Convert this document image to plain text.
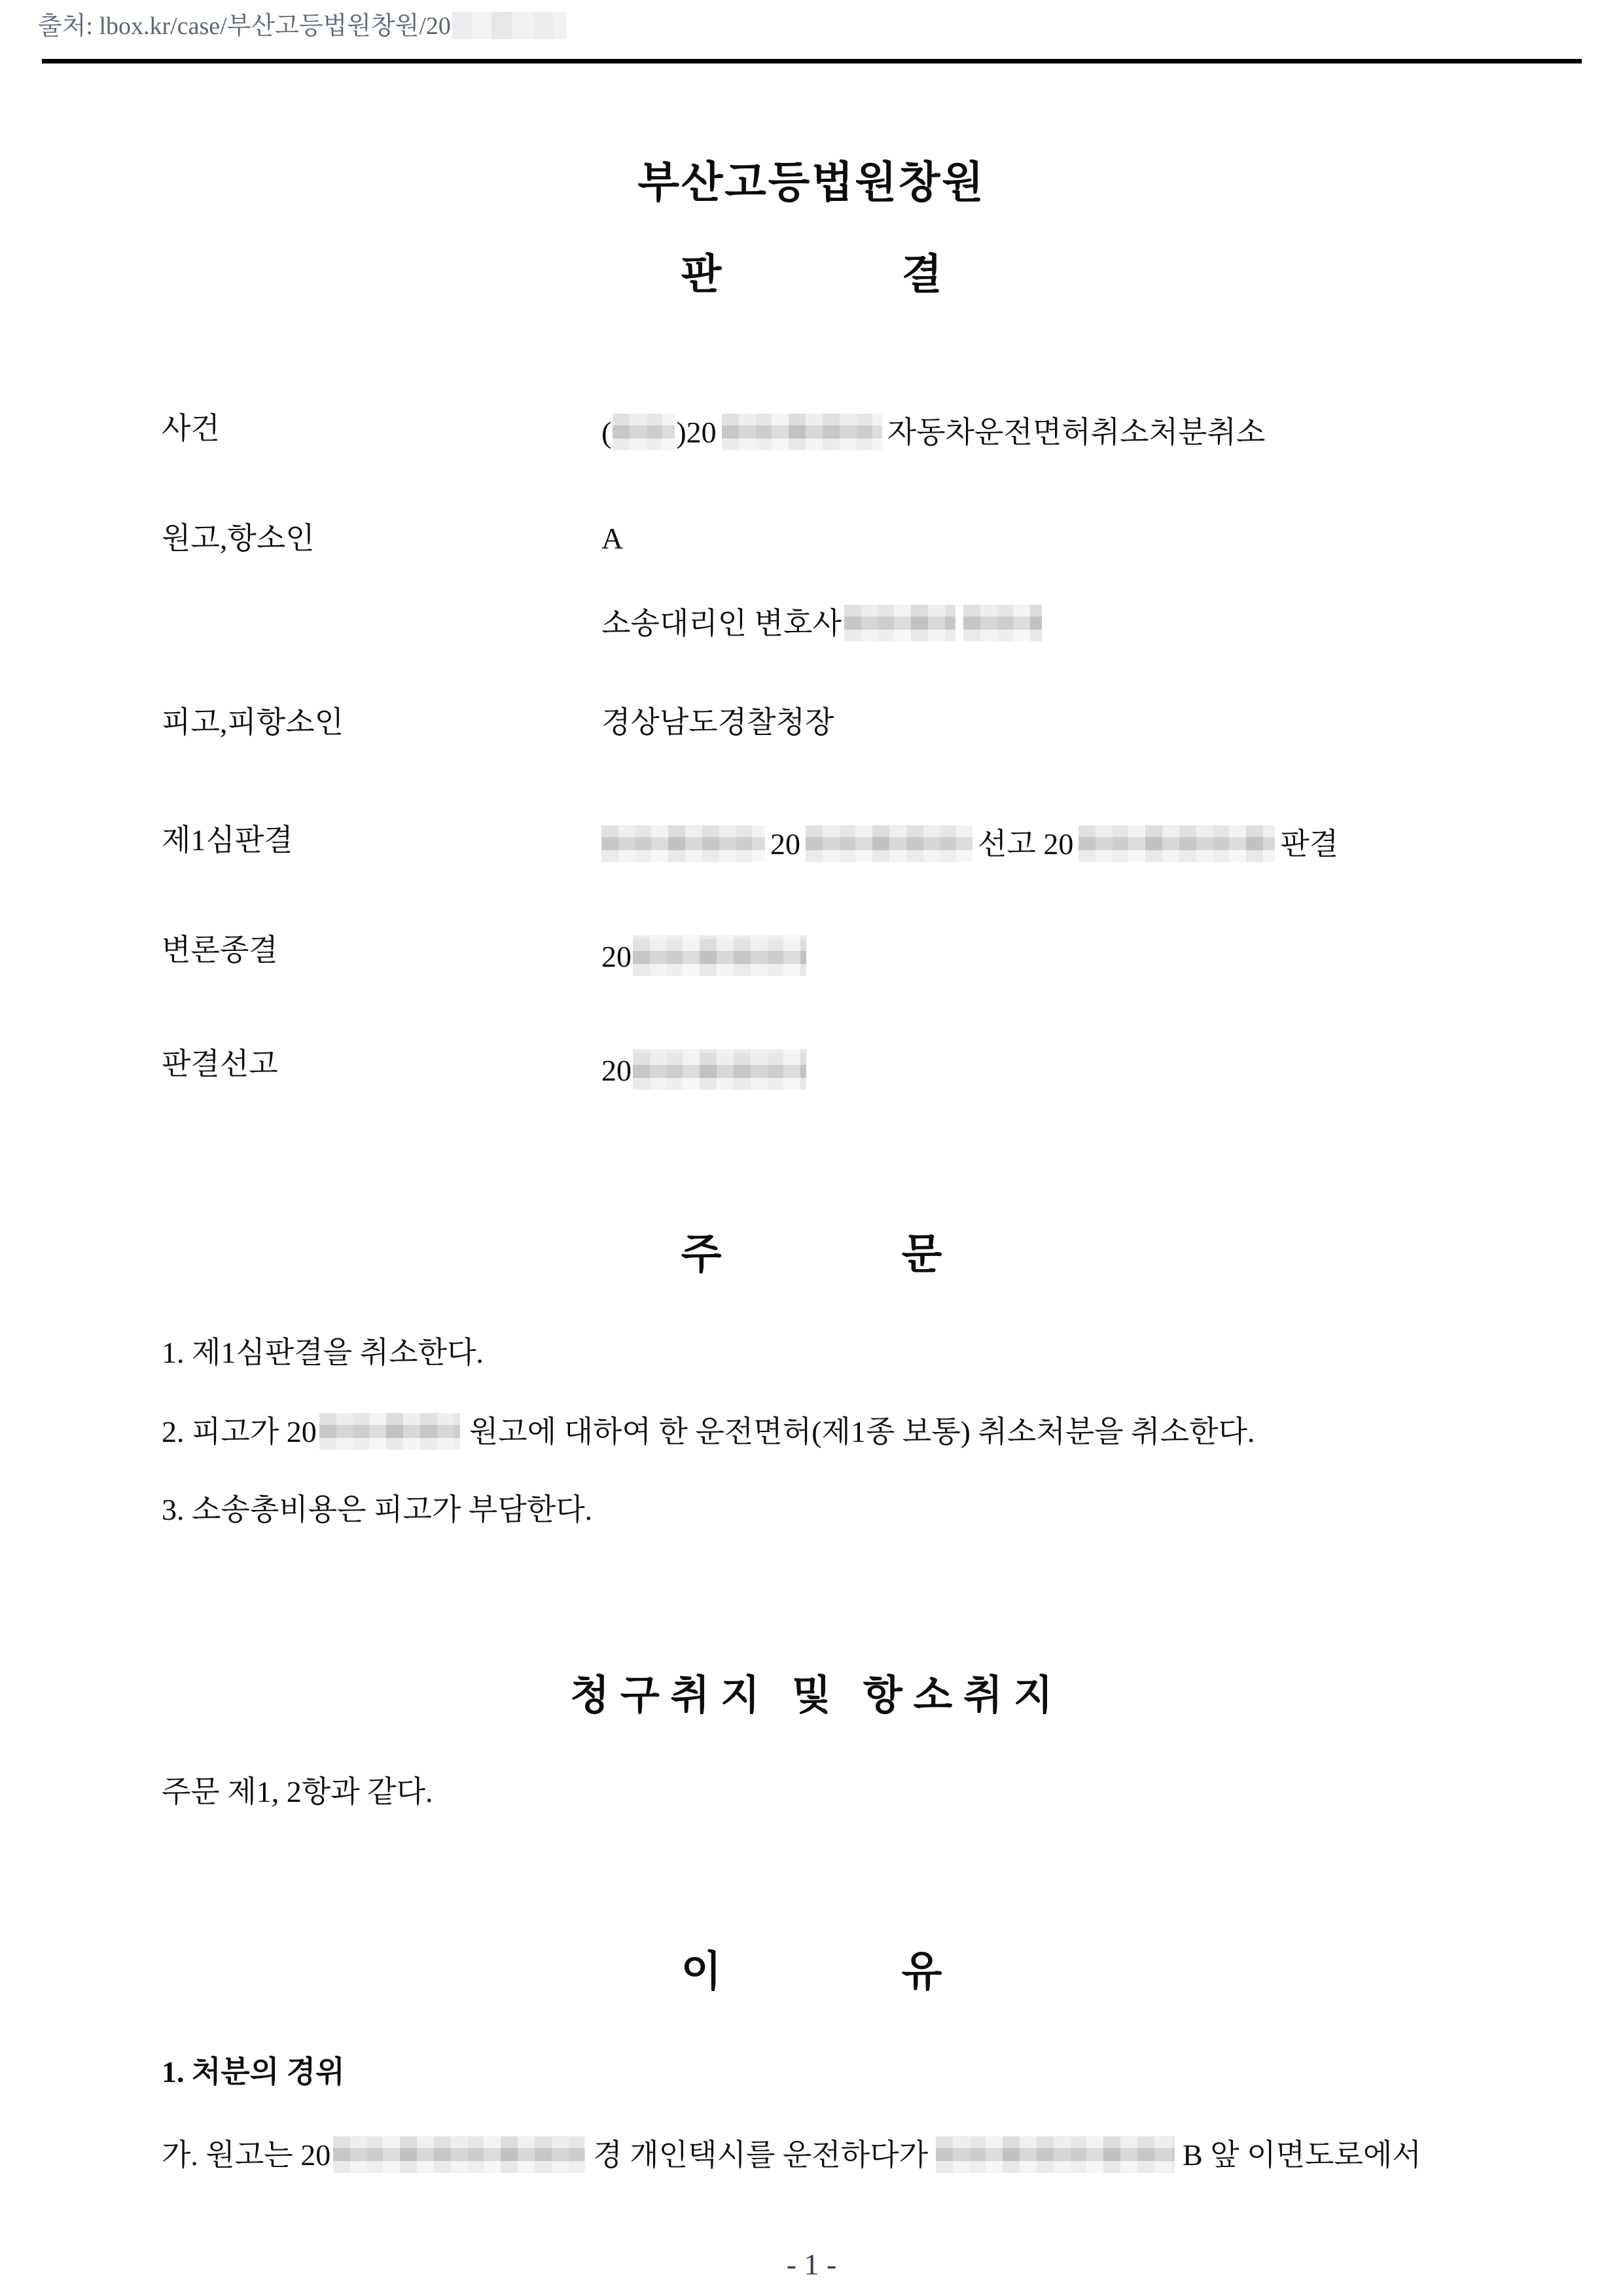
출처: lbox.kr/case/부산고등법원창원/20
부산고등법원창원
판결
사건	( )20	자동차운전면허취소처분취소
원고,항소인	A
소송대리인 변호사
피고,피항소인	경상남도경찰청장
제1심판결	20	선고 20	판결
변론종결	20
판결선고	20
주문

1. 제1심판결을 취소한다.

2. 피고가 20	원고에 대하여 한 운전면허(제1종 보통) 취소처분을 취소한다.

3. 소송총비용은 피고가 부담한다.

청구취지 및 항소취지

주문 제1, 2항과 같다.

이유

1. 처분의 경위

가. 원고는 20	경 개인택시를 운전하다가	B 앞 이면도로에서

- 1 -
